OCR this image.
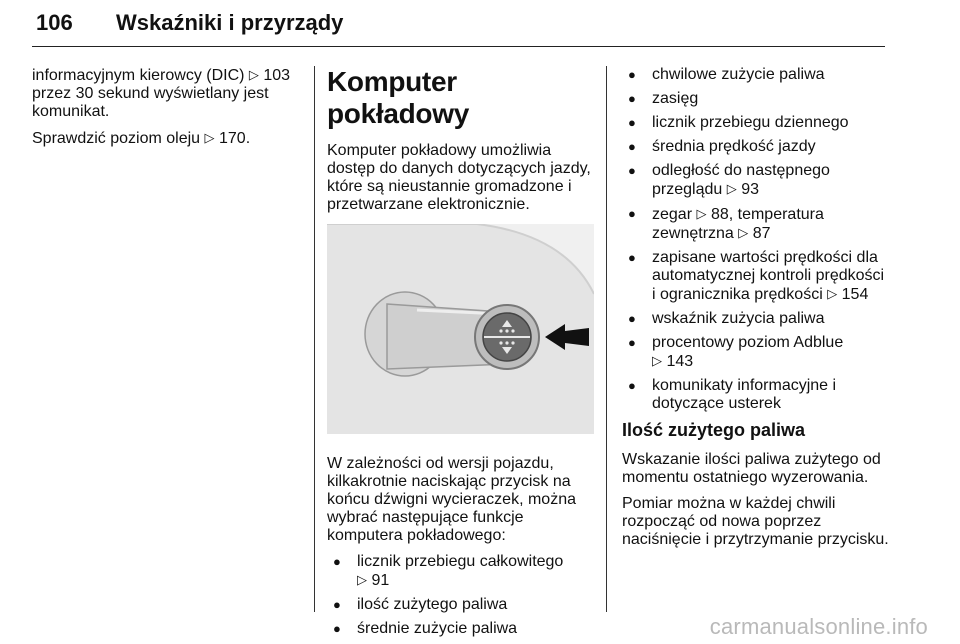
106 Wskaźniki i przyrządy

informacyjnym kierowcy (DIC) ▷ 103 przez 30 sekund wyświetlany jest komunikat.

Sprawdzić poziom oleju ▷ 170.

Komputer pokładowy

Komputer pokładowy umożliwia dostęp do danych dotyczących jazdy, które są nieustannie gromadzone i przetwarzane elektronicznie.

W zależności od wersji pojazdu, kilkakrotnie naciskając przycisk na końcu dźwigni wycieraczek, można wybrać następujące funkcje komputera pokładowego:

● licznik przebiegu całkowitego
▷ 91
● ilość zużytego paliwa
● średnie zużycie paliwa
● chwilowe zużycie paliwa
● zasięg
● licznik przebiegu dziennego
● średnia prędkość jazdy
● odległość do następnego przeglądu ▷ 93
● zegar ▷ 88, temperatura zewnętrzna ▷ 87
● zapisane wartości prędkości dla automatycznej kontroli prędkości i ogranicznika prędkości ▷ 154
● wskaźnik zużycia paliwa
● procentowy poziom Adblue
▷ 143
● komunikaty informacyjne i dotyczące usterek
Ilość zużytego paliwa

Wskazanie ilości paliwa zużytego od momentu ostatniego wyzerowania.

Pomiar można w każdej chwili rozpocząć od nowa poprzez naciśnięcie i przytrzymanie przycisku.

carmanualsonline.info
